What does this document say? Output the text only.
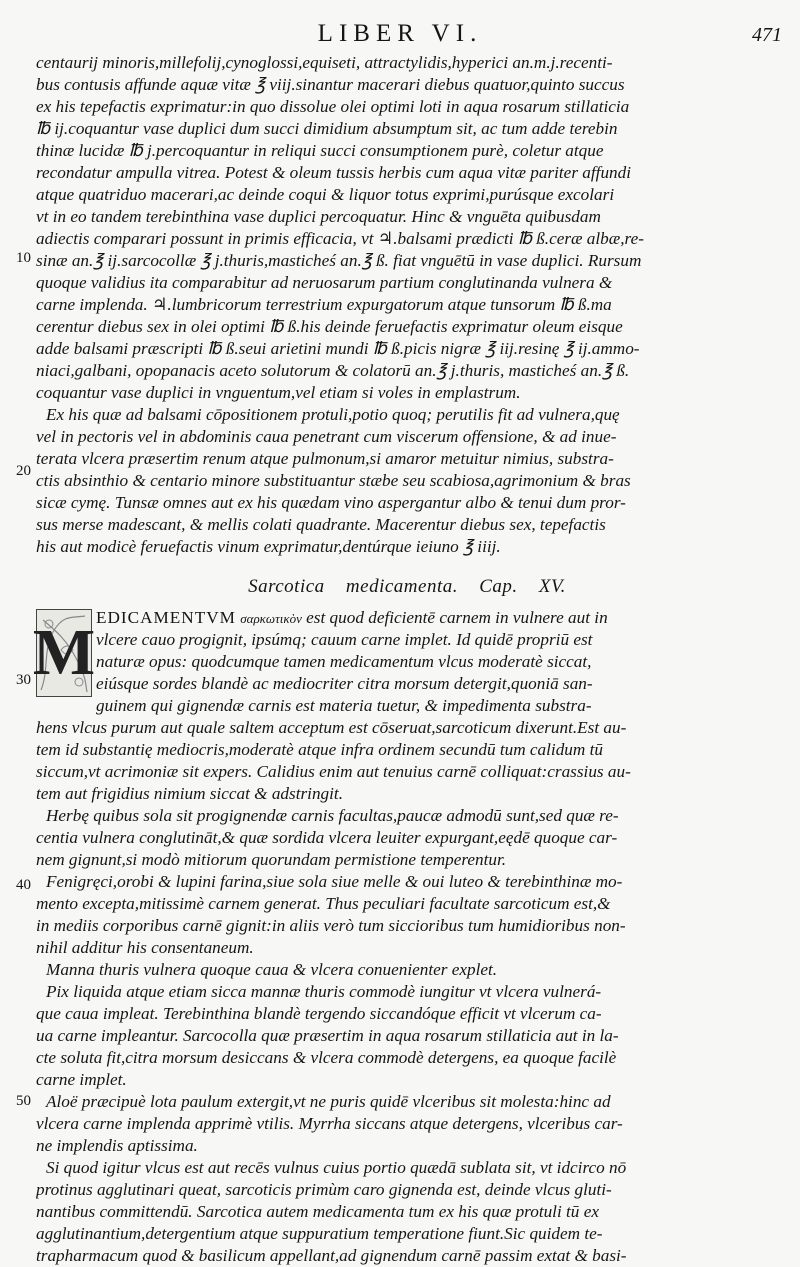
LIBER VI.	471
10
20
30
40
50
centaurij minoris,millefolij,cynoglossi,equiseti, attractylidis,hyperici an.m.j.recenti-
bus contusis affunde aquæ vitæ ℥ viij.sinantur macerari diebus quatuor,quinto succus
ex his tepefactis exprimatur:in quo dissolue olei optimi loti in aqua rosarum stillaticia
℔ ij.coquantur vase duplici dum succi dimidium absumptum sit, ac tum adde terebin
thinæ lucidæ ℔ j.percoquantur in reliqui succi consumptionem purè, coletur atque
recondatur ampulla vitrea. Potest & oleum tussis herbis cum aqua vitæ pariter affundi
atque quatriduo macerari,ac deinde coqui & liquor totus exprimi,purúsque excolari
vt in eo tandem terebinthina vase duplici percoquatur. Hinc & vnguēta quibusdam
adiectis comparari possunt in primis efficacia, vt ♃.balsami prædicti ℔ ß.ceræ albæ,re-
sinæ an.℥ ij.sarcocollæ ℥ j.thuris,masticheś an.℥ ß. fiat vnguētū in vase duplici. Rursum
quoque validius ita comparabitur ad neruosarum partium conglutinanda vulnera &
carne implenda. ♃.lumbricorum terrestrium expurgatorum atque tunsorum ℔ ß.ma
cerentur diebus sex in olei optimi ℔ ß.his deinde feruefactis exprimatur oleum eisque
adde balsami præscripti ℔ ß.seui arietini mundi ℔ ß.picis nigræ ℥ iij.resinę ℥ ij.ammo-
niaci,galbani, opopanacis aceto solutorum & colatorū an.℥ j.thuris, masticheś an.℥ ß.
coquantur vase duplici in vnguentum,vel etiam si voles in emplastrum.
Ex his quæ ad balsami cōpositionem protuli,potio quoq; perutilis fit ad vulnera,quę
vel in pectoris vel in abdominis caua penetrant cum viscerum offensione, & ad inue-
terata vlcera præsertim renum atque pulmonum,si amaror metuitur nimius, substra-
ctis absinthio & centario minore substituantur stæbe seu scabiosa,agrimonium & bras
sicæ cymę. Tunsæ omnes aut ex his quædam vino aspergantur albo & tenui dum pror-
sus merse madescant, & mellis colati quadrante. Macerentur diebus sex, tepefactis
his aut modicè feruefactis vinum exprimatur,dentúrque ieiuno ℥ iiij.
Sarcotica medicamenta. Cap. XV.
M EDICAMENTVM σαρκωτικὸν est quod deficientē carnem in vulnere aut in
vlcere cauo progignit, ipsúmq; cauum carne implet. Id quidē propriū est
naturæ opus: quodcumque tamen medicamentum vlcus moderatè siccat,
eiúsque sordes blandè ac mediocriter citra morsum detergit,quoniā san-
guinem qui gignendæ carnis est materia tuetur, & impedimenta substra-
hens vlcus purum aut quale saltem acceptum est cōseruat,sarcoticum dixerunt.Est au-
tem id substantię mediocris,moderatè atque infra ordinem secundū tum calidum tū
siccum,vt acrimoniæ sit expers. Calidius enim aut tenuius carnē colliquat:crassius au-
tem aut frigidius nimium siccat & adstringit.
Herbę quibus sola sit progignendæ carnis facultas,paucæ admodū sunt,sed quæ re-
centia vulnera conglutināt,& quæ sordida vlcera leuiter expurgant,eędē quoque car-
nem gignunt,si modò mitiorum quorundam permistione temperentur.
Fenigręci,orobi & lupini farina,siue sola siue melle & oui luteo & terebinthinæ mo-
mento excepta,mitissimè carnem generat. Thus peculiari facultate sarcoticum est,&
in mediis corporibus carnē gignit:in aliis verò tum siccioribus tum humidioribus non-
nihil additur his consentaneum.
Manna thuris vulnera quoque caua & vlcera conuenienter explet.
Pix liquida atque etiam sicca mannæ thuris commodè iungitur vt vlcera vulnerá-
que caua impleat. Terebinthina blandè tergendo siccandóque efficit vt vlcerum ca-
ua carne impleantur. Sarcocolla quæ præsertim in aqua rosarum stillaticia aut in la-
cte soluta fit,citra morsum desiccans & vlcera commodè detergens, ea quoque facilè
carne implet.
Aloë præcipuè lota paulum extergit,vt ne puris quidē vlceribus sit molesta:hinc ad
vlcera carne implenda apprimè vtilis. Myrrha siccans atque detergens, vlceribus car-
ne implendis aptissima.
Si quod igitur vlcus est aut recēs vulnus cuius portio quædā sublata sit, vt idcirco nō
protinus agglutinari queat, sarcoticis primùm caro gignenda est, deinde vlcus gluti-
nantibus committendū. Sarcotica autem medicamenta tum ex his quæ protuli tū ex
agglutinantium,detergentium atque suppuratium temperatione fiunt.Sic quidem te-
trapharmacum quod & basilicum appellant,ad gignendum carnē passim extat & basi-
